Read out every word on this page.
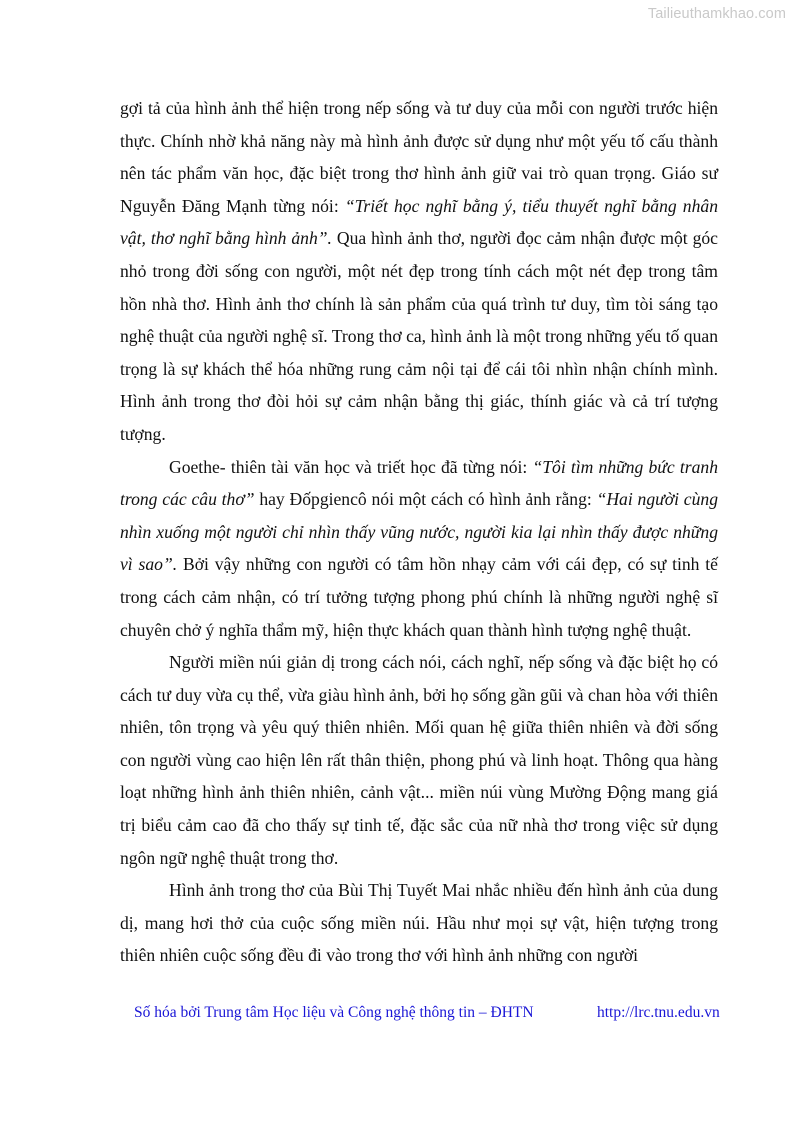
Tailieuthamkhao.com

gợi tả của hình ảnh thể hiện trong nếp sống và tư duy của mỗi con người trước hiện thực. Chính nhờ khả năng này mà hình ảnh được sử dụng như một yếu tố cấu thành nên tác phẩm văn học, đặc biệt trong thơ hình ảnh giữ vai trò quan trọng. Giáo sư Nguyễn Đăng Mạnh từng nói: “Triết học nghĩ bằng ý, tiểu thuyết nghĩ bằng nhân vật, thơ nghĩ bằng hình ảnh”. Qua hình ảnh thơ, người đọc cảm nhận được một góc nhỏ trong đời sống con người, một nét đẹp trong tính cách một nét đẹp trong tâm hồn nhà thơ. Hình ảnh thơ chính là sản phẩm của quá trình tư duy, tìm tòi sáng tạo nghệ thuật của người nghệ sĩ. Trong thơ ca, hình ảnh là một trong những yếu tố quan trọng là sự khách thể hóa những rung cảm nội tại để cái tôi nhìn nhận chính mình. Hình ảnh trong thơ đòi hỏi sự cảm nhận bằng thị giác, thính giác và cả trí tượng tượng.

Goethe- thiên tài văn học và triết học đã từng nói: “Tôi tìm những bức tranh trong các câu thơ” hay Đốpgiencô nói một cách có hình ảnh rằng: “Hai người cùng nhìn xuống một người chỉ nhìn thấy vũng nước, người kia lại nhìn thấy được những vì sao”. Bởi vậy những con người có tâm hồn nhạy cảm với cái đẹp, có sự tinh tế trong cách cảm nhận, có trí tưởng tượng phong phú chính là những người nghệ sĩ chuyên chở ý nghĩa thẩm mỹ, hiện thực khách quan thành hình tượng nghệ thuật.

Người miền núi giản dị trong cách nói, cách nghĩ, nếp sống và đặc biệt họ có cách tư duy vừa cụ thể, vừa giàu hình ảnh, bởi họ sống gần gũi và chan hòa với thiên nhiên, tôn trọng và yêu quý thiên nhiên. Mối quan hệ giữa thiên nhiên và đời sống con người vùng cao hiện lên rất thân thiện, phong phú và linh hoạt. Thông qua hàng loạt những hình ảnh thiên nhiên, cảnh vật... miền núi vùng Mường Động mang giá trị biểu cảm cao đã cho thấy sự tinh tế, đặc sắc của nữ nhà thơ trong việc sử dụng ngôn ngữ nghệ thuật trong thơ.

Hình ảnh trong thơ của Bùi Thị Tuyết Mai nhắc nhiều đến hình ảnh của dung dị, mang hơi thở của cuộc sống miền núi. Hầu như mọi sự vật, hiện tượng trong thiên nhiên cuộc sống đều đi vào trong thơ với hình ảnh những con người

Số hóa bởi Trung tâm Học liệu và Công nghệ thông tin – ĐHTN	http://lrc.tnu.edu.vn
